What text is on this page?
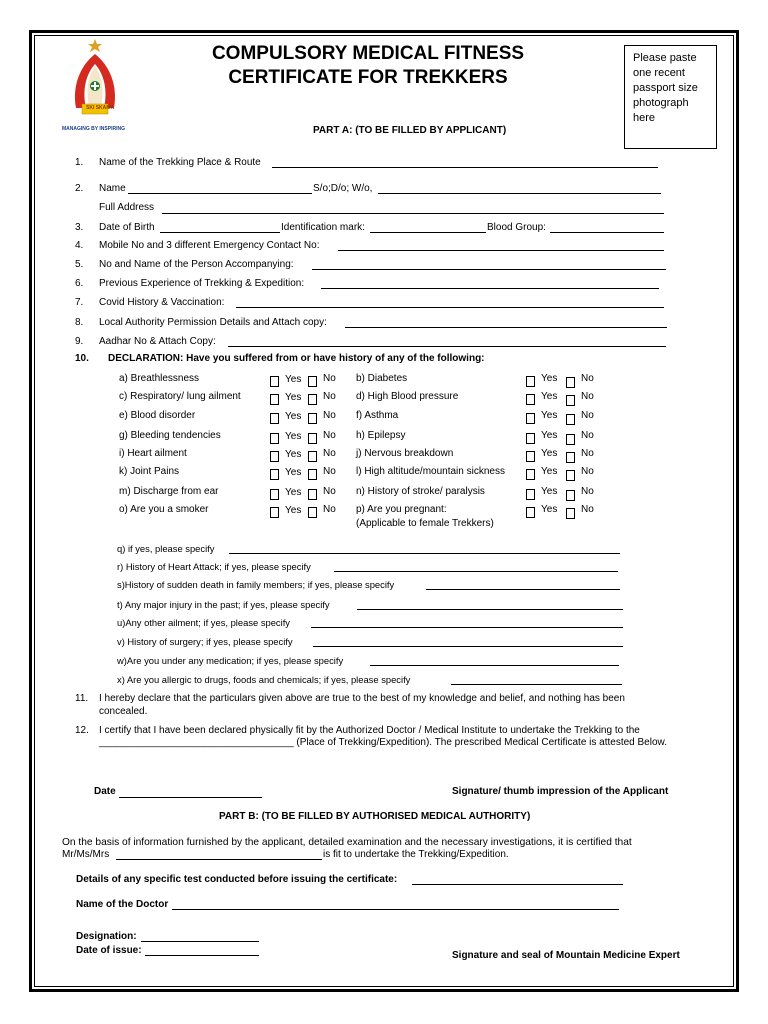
SKI SKAMA
MANAGING BY INSPIRING
COMPULSORY MEDICAL FITNESS
CERTIFICATE FOR TREKKERS
Please paste one recent passport size photograph here
PART A: (TO BE FILLED BY APPLICANT)
1. Name of the Trekking Place & Route
2. Name	S/o;D/o; W/o,
Full Address
3. Date of Birth	Identification mark:	Blood Group:
4. Mobile No and 3 different Emergency Contact No:
5. No and Name of the Person Accompanying:
6. Previous Experience of Trekking & Expedition:
7. Covid History & Vaccination:
8. Local Authority Permission Details and Attach copy:
9. Aadhar No & Attach Copy:
10. DECLARATION: Have you suffered from or have history of any of the following:
a) Breathlessness	Yes No b) Diabetes	Yes No
c) Respiratory/ lung ailment	Yes No d) High Blood pressure	Yes No
e) Blood disorder	Yes No f) Asthma	Yes No
g) Bleeding tendencies	Yes No h) Epilepsy	Yes No
i) Heart ailment	Yes No j) Nervous breakdown	Yes No
k) Joint Pains	Yes No l) High altitude/mountain sickness	Yes No
m) Discharge from ear	Yes No n) History of stroke/ paralysis	Yes No
o) Are you a smoker	Yes No p) Are you pregnant:	Yes No
(Applicable to female Trekkers)
q) if yes, please specify
r) History of Heart Attack; if yes, please specify
s)History of sudden death in family members; if yes, please specify
t) Any major injury in the past; if yes, please specify
u)Any other ailment; if yes, please specify
v) History of surgery; if yes, please specify
w)Are you under any medication; if yes, please specify
x) Are you allergic to drugs, foods and chemicals; if yes, please specify
11. I hereby declare that the particulars given above are true to the best of my knowledge and belief, and nothing has been
concealed.
12. I certify that I have been declared physically fit by the Authorized Doctor / Medical Institute to undertake the Trekking to the
___________________________________ (Place of Trekking/Expedition). The prescribed Medical Certificate is attested Below.
Date	Signature/ thumb impression of the Applicant
PART B: (TO BE FILLED BY AUTHORISED MEDICAL AUTHORITY)
On the basis of information furnished by the applicant, detailed examination and the necessary investigations, it is certified that
Mr/Ms/Mrs	is fit to undertake the Trekking/Expedition.
Details of any specific test conducted before issuing the certificate:
Name of the Doctor
Designation:
Date of issue:	Signature and seal of Mountain Medicine Expert
